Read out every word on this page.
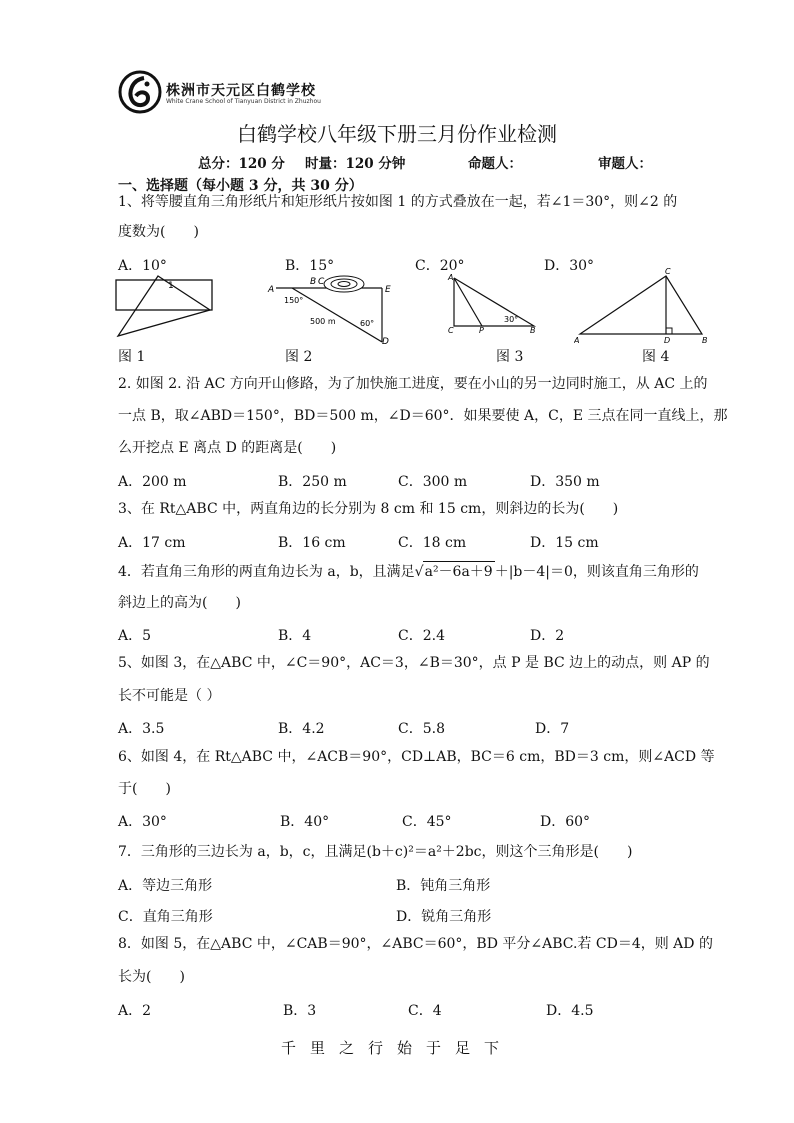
株洲市天元区白鹤学校
White Crane School of Tianyuan District in Zhuzhou
白鹤学校八年级下册三月份作业检测
总分：120 分 时量：120 分钟	命题人：	审题人：
一、选择题（每小题 3 分，共 30 分）
1、将等腰直角三角形纸片和矩形纸片按如图 1 的方式叠放在一起，若∠1＝30°，则∠2 的
度数为(　　)
A．10°	B．15°	C．20°	D．30°
1
图 1
A
B C
E
D
150°
60°
500 m
图 2
A
C	P	B
30°
图 3
A
C
D	B
图 4
2. 如图 2. 沿 AC 方向开山修路，为了加快施工进度，要在小山的另一边同时施工，从 AC 上的
一点 B，取∠ABD＝150°，BD＝500 m，∠D＝60°．如果要使 A，C，E 三点在同一直线上，那
么开挖点 E 离点 D 的距离是(　　)
A．200 m	B．250 m	C．300 m	D．350 m
3、在 Rt△ABC 中，两直角边的长分别为 8 cm 和 15 cm，则斜边的长为(　　)
A．17 cm	B．16 cm	C．18 cm	D．15 cm
4．若直角三角形的两直角边长为 a，b，且满足√a²－6a＋9 ＋|b－4|＝0，则该直角三角形的
斜边上的高为(　　)
A．5	B．4	C．2.4	D．2
5、如图 3，在△ABC 中，∠C＝90°，AC＝3，∠B＝30°，点 P 是 BC 边上的动点，则 AP 的
长不可能是（ ）
A．3.5	B．4.2	C．5.8	D．7
6、如图 4，在 Rt△ABC 中，∠ACB＝90°，CD⊥AB，BC＝6 cm，BD＝3 cm，则∠ACD 等
于(　　)
A．30°	B．40°	C．45°	D．60°
7．三角形的三边长为 a，b，c，且满足(b＋c)²＝a²＋2bc，则这个三角形是(　　)
A．等边三角形	B．钝角三角形
C．直角三角形	D．锐角三角形
8．如图 5，在△ABC 中，∠CAB＝90°，∠ABC＝60°，BD 平分∠ABC.若 CD＝4，则 AD 的
长为(　　)
A．2	B．3	C．4	D．4.5
千里之行始于足下
